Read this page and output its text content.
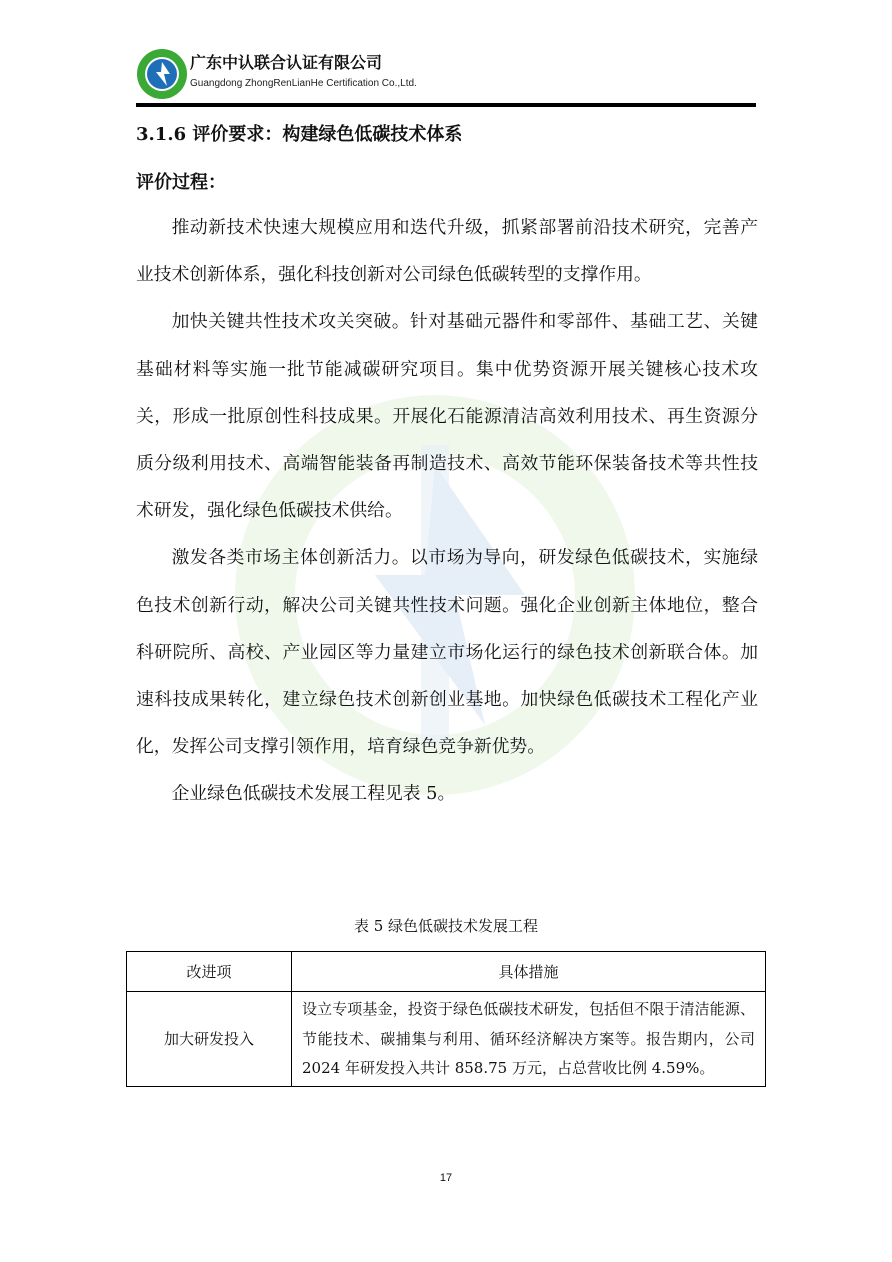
广东中认联合认证有限公司
Guangdong ZhongRenLianHe Certification Co.,Ltd.
3.1.6 评价要求：构建绿色低碳技术体系
评价过程：

推动新技术快速大规模应用和迭代升级，抓紧部署前沿技术研究，完善产业技术创新体系，强化科技创新对公司绿色低碳转型的支撑作用。

加快关键共性技术攻关突破。针对基础元器件和零部件、基础工艺、关键基础材料等实施一批节能减碳研究项目。集中优势资源开展关键核心技术攻关，形成一批原创性科技成果。开展化石能源清洁高效利用技术、再生资源分质分级利用技术、高端智能装备再制造技术、高效节能环保装备技术等共性技术研发，强化绿色低碳技术供给。

激发各类市场主体创新活力。以市场为导向，研发绿色低碳技术，实施绿色技术创新行动，解决公司关键共性技术问题。强化企业创新主体地位，整合科研院所、高校、产业园区等力量建立市场化运行的绿色技术创新联合体。加速科技成果转化，建立绿色技术创新创业基地。加快绿色低碳技术工程化产业化，发挥公司支撑引领作用，培育绿色竞争新优势。

企业绿色低碳技术发展工程见表 5。

表 5 绿色低碳技术发展工程
改进项	具体措施
加大研发投入	设立专项基金，投资于绿色低碳技术研发，包括但不限于清洁能源、节能技术、碳捕集与利用、循环经济解决方案等。报告期内，公司 2024 年研发投入共计 858.75 万元，占总营收比例 4.59%。
17
